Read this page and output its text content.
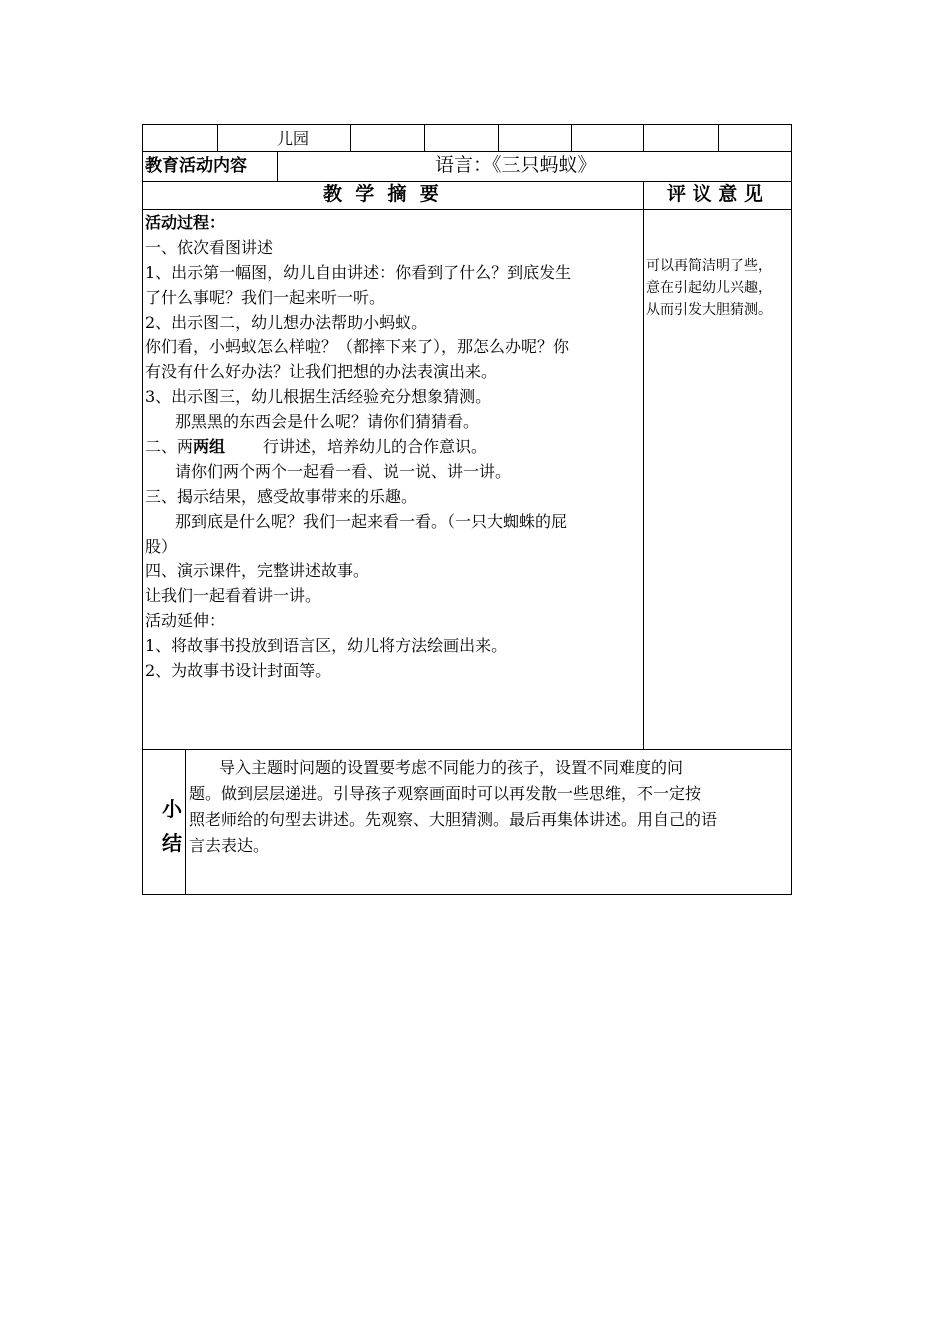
儿园
教育活动内容	语言：《三只蚂蚁》
教  学  摘  要	评 议 意 见
活动过程：
一、依次看图讲述
1、出示第一幅图，幼儿自由讲述：你看到了什么？到底发生
了什么事呢？我们一起来听一听。
2、出示图二，幼儿想办法帮助小蚂蚁。
你们看，小蚂蚁怎么样啦？（都摔下来了），那怎么办呢？你
有没有什么好办法？让我们把想的办法表演出来。
3、出示图三，幼儿根据生活经验充分想象猜测。
那黑黑的东西会是什么呢？请你们猜猜看。
二、两两组 行讲述，培养幼儿的合作意识。
请你们两个两个一起看一看、说一说、讲一讲。
三、揭示结果，感受故事带来的乐趣。
那到底是什么呢？我们一起来看一看。（一只大蜘蛛的屁
股）
四、演示课件，完整讲述故事。
让我们一起看着讲一讲。
活动延伸：
1、将故事书投放到语言区，幼儿将方法绘画出来。
2、为故事书设计封面等。
可以再简洁明了些，
意在引起幼儿兴趣，
从而引发大胆猜测。
小
结
导入主题时问题的设置要考虑不同能力的孩子，设置不同难度的问
题。做到层层递进。引导孩子观察画面时可以再发散一些思维，不一定按
照老师给的句型去讲述。先观察、大胆猜测。最后再集体讲述。用自己的语
言去表达。
